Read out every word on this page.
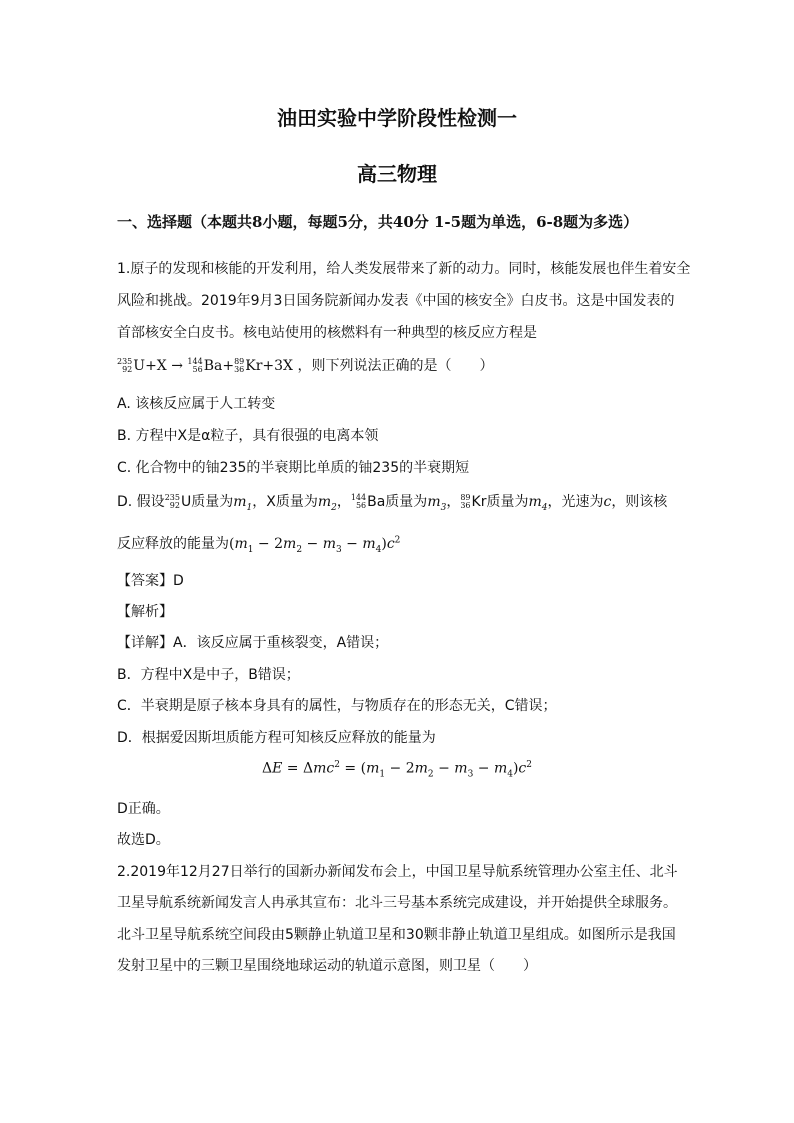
油田实验中学阶段性检测一
高三物理
一、选择题（本题共8小题，每题5分，共40分 1-5题为单选，6-8题为多选）
1.原子的发现和核能的开发利用，给人类发展带来了新的动力。同时，核能发展也伴生着安全
风险和挑战。2019年9月3日国务院新闻办发表《中国的核安全》白皮书。这是中国发表的
首部核安全白皮书。核电站使用的核燃料有一种典型的核反应方程是
235
92 U+X → 144
56 Ba+ 89
36 Kr+3X ，则下列说法正确的是（　　）
A. 该核反应属于人工转变
B. 方程中X是α粒子，具有很强的电离本领
C. 化合物中的铀235的半衰期比单质的铀235的半衰期短
D. 假设 235
92 U质量为$m_1$，X质量为$m_2$， 144
56 Ba质量为$m_3$， 89
36 Kr质量为$m_4$，光速为c，则该核
反应释放的能量为$(m_1 - 2m_2 - m_3 - m_4)c^2$
【答案】D
【解析】
【详解】A．该反应属于重核裂变，A错误；
B．方程中X是中子，B错误；
C．半衰期是原子核本身具有的属性，与物质存在的形态无关，C错误；
D．根据爱因斯坦质能方程可知核反应释放的能量为
$\Delta E = \Delta mc^2 = (m_1 - 2m_2 - m_3 - m_4)c^2$
D正确。
故选D。
2.2019年12月27日举行的国新办新闻发布会上，中国卫星导航系统管理办公室主任、北斗
卫星导航系统新闻发言人冉承其宣布：北斗三号基本系统完成建设，并开始提供全球服务。
北斗卫星导航系统空间段由5颗静止轨道卫星和30颗非静止轨道卫星组成。如图所示是我国
发射卫星中的三颗卫星围绕地球运动的轨道示意图，则卫星（　　）
